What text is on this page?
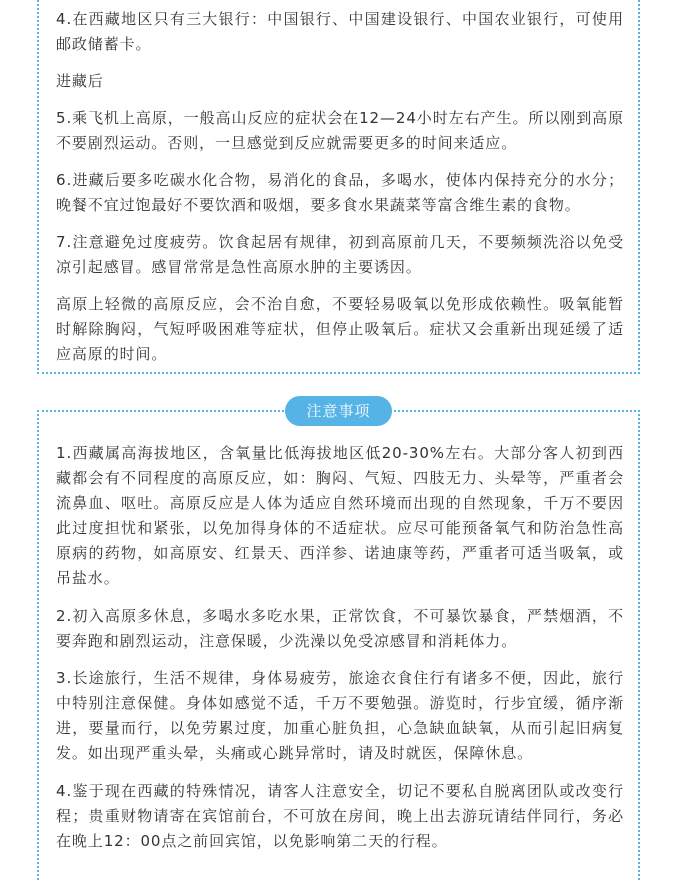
4.在西藏地区只有三大银行：中国银行、中国建设银行、中国农业银行，可使用邮政储蓄卡。

进藏后

5.乘飞机上高原，一般高山反应的症状会在12—24小时左右产生。所以刚到高原不要剧烈运动。否则，一旦感觉到反应就需要更多的时间来适应。

6.进藏后要多吃碳水化合物，易消化的食品，多喝水，使体内保持充分的水分；晚餐不宜过饱最好不要饮酒和吸烟，要多食水果蔬菜等富含维生素的食物。

7.注意避免过度疲劳。饮食起居有规律，初到高原前几天，不要频频洗浴以免受凉引起感冒。感冒常常是急性高原水肿的主要诱因。

高原上轻微的高原反应，会不治自愈，不要轻易吸氧以免形成依赖性。吸氧能暂时解除胸闷，气短呼吸困难等症状，但停止吸氧后。症状又会重新出现延缓了适应高原的时间。

注意事项

1.西藏属高海拔地区，含氧量比低海拔地区低20-30%左右。大部分客人初到西藏都会有不同程度的高原反应，如：胸闷、气短、四肢无力、头晕等，严重者会流鼻血、呕吐。高原反应是人体为适应自然环境而出现的自然现象，千万不要因此过度担忧和紧张，以免加得身体的不适症状。应尽可能预备氧气和防治急性高原病的药物，如高原安、红景天、西洋参、诺迪康等药，严重者可适当吸氧，或吊盐水。

2.初入高原多休息，多喝水多吃水果，正常饮食，不可暴饮暴食，严禁烟酒，不要奔跑和剧烈运动，注意保暖，少洗澡以免受凉感冒和消耗体力。

3.长途旅行，生活不规律，身体易疲劳，旅途衣食住行有诸多不便，因此，旅行中特别注意保健。身体如感觉不适，千万不要勉强。游览时，行步宜缓，循序渐进，要量而行，以免劳累过度，加重心脏负担，心急缺血缺氧，从而引起旧病复发。如出现严重头晕，头痛或心跳异常时，请及时就医，保障休息。

4.鉴于现在西藏的特殊情况，请客人注意安全，切记不要私自脱离团队或改变行程；贵重财物请寄在宾馆前台，不可放在房间，晚上出去游玩请结伴同行，务必在晚上12：00点之前回宾馆，以免影响第二天的行程。
